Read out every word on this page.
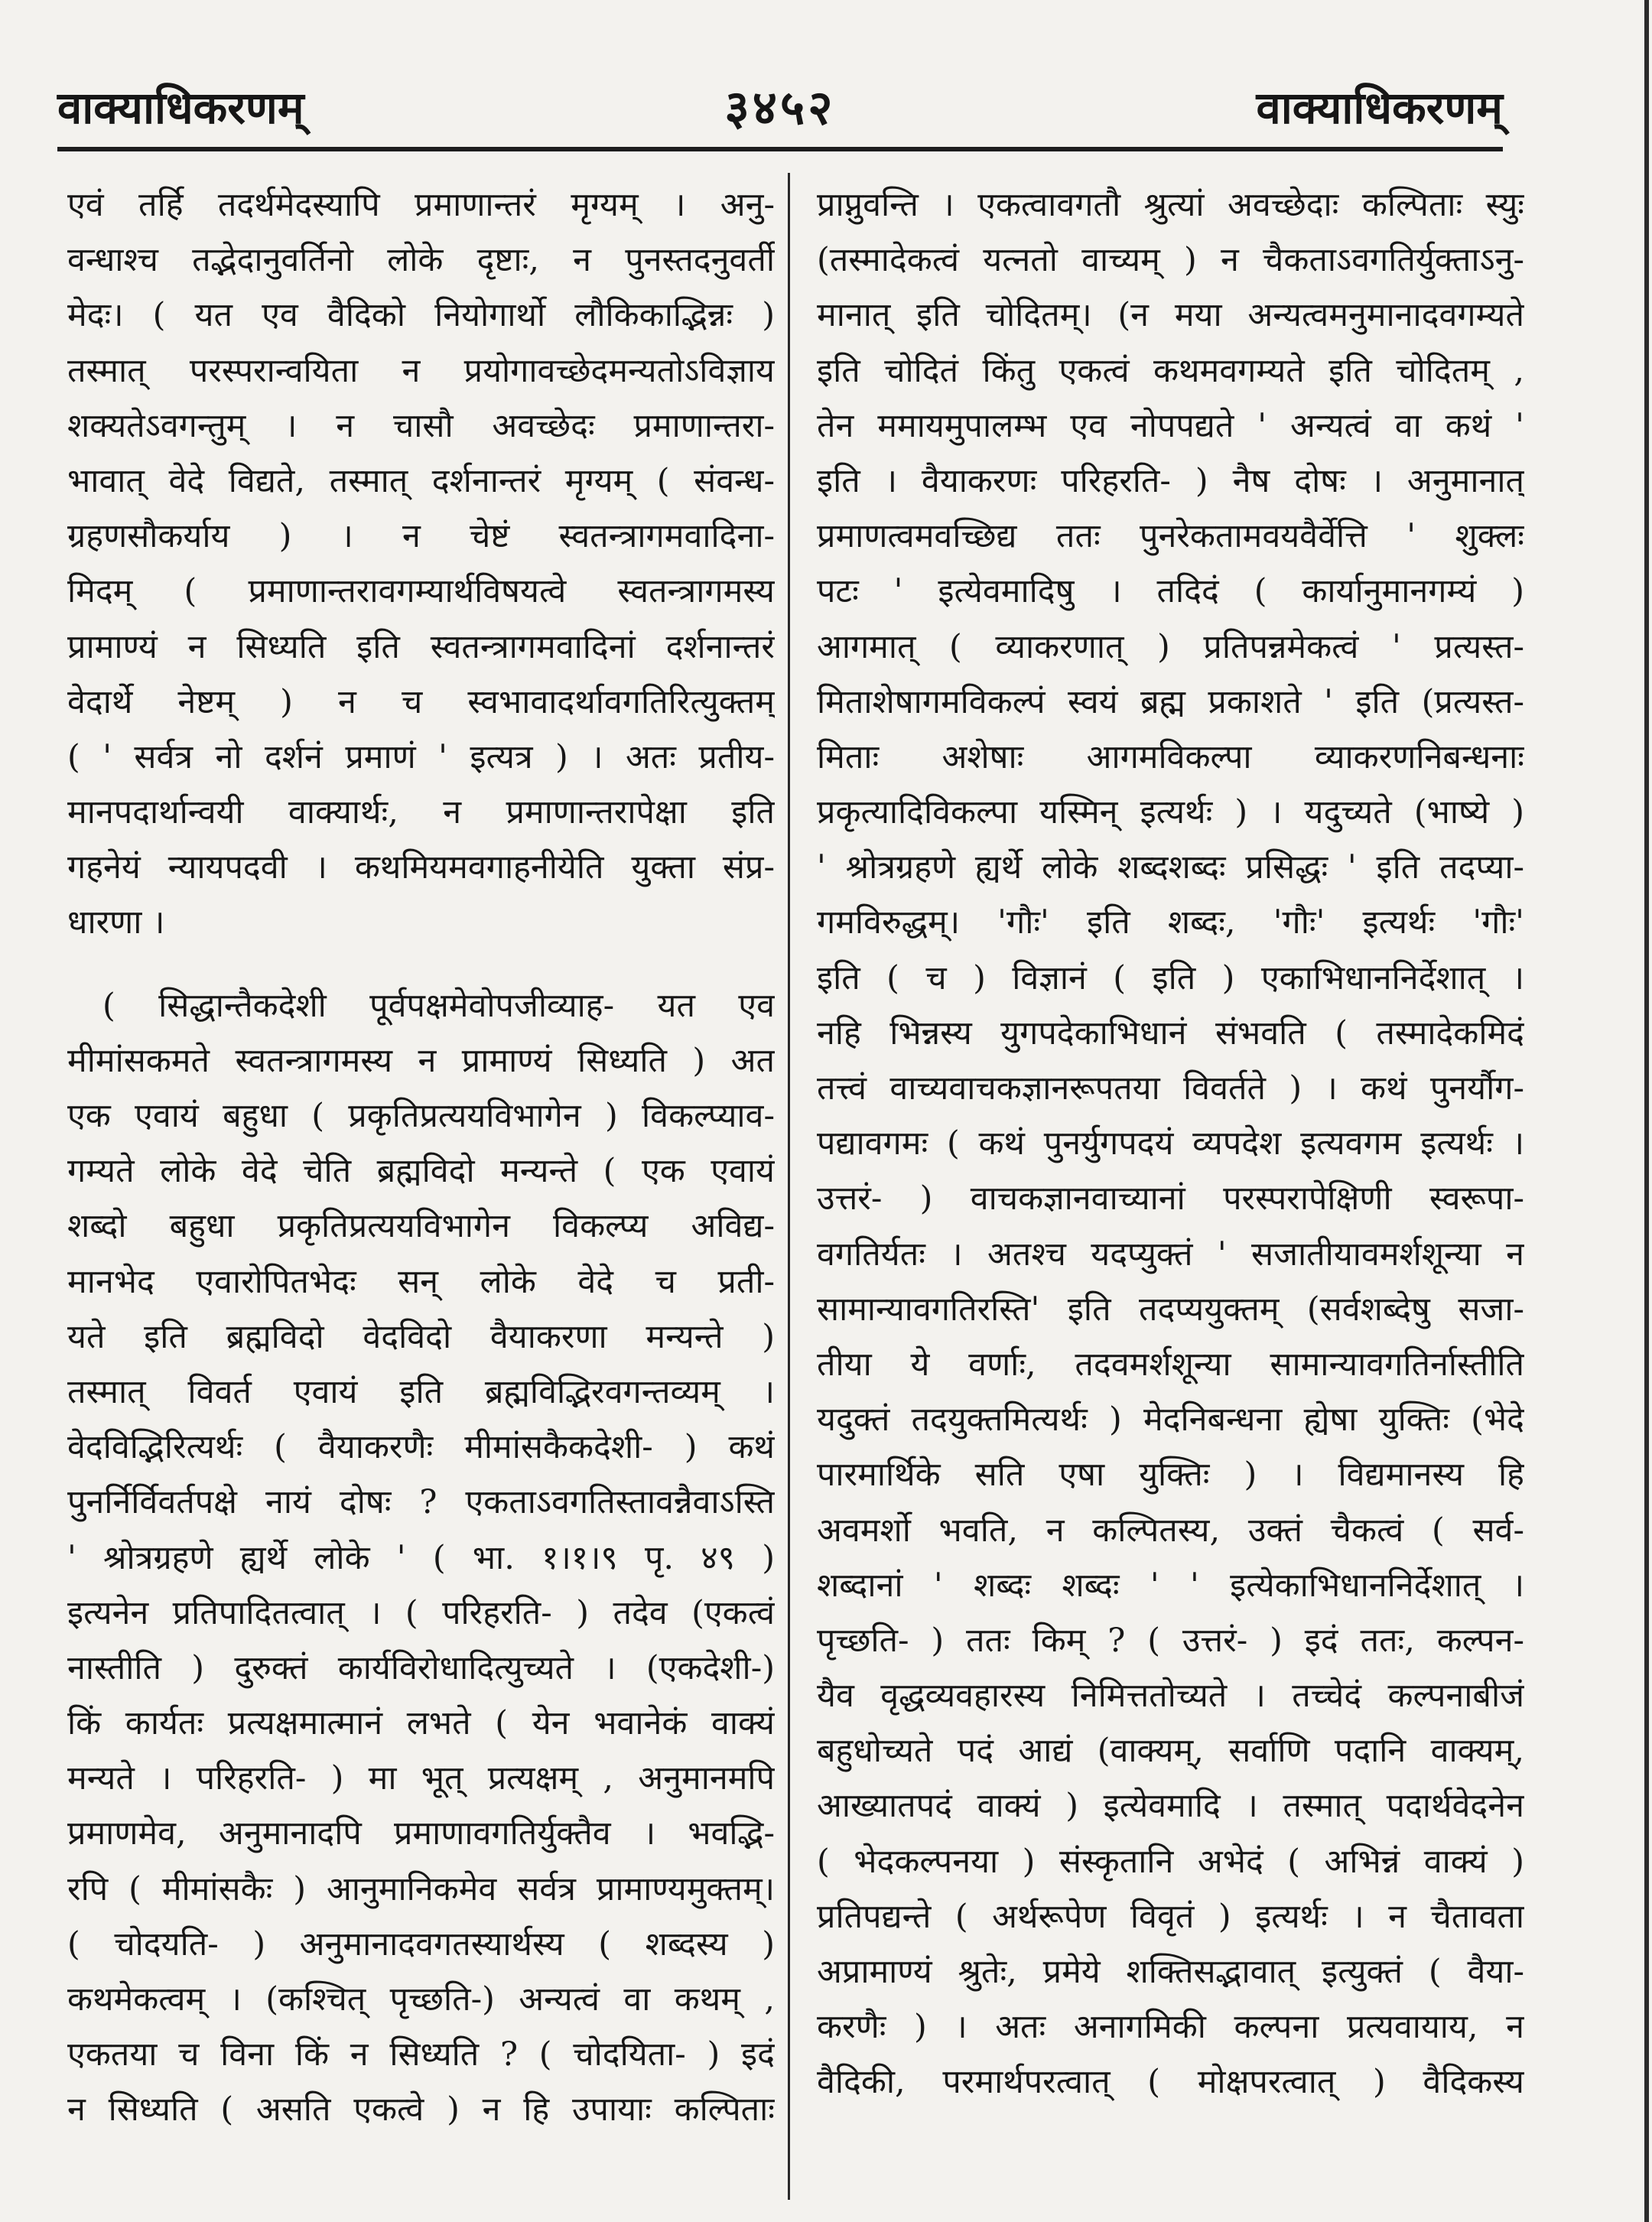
वाक्याधिकरणम्	३४५२	वाक्याधिकरणम्
एवं तर्हि तदर्थमेदस्यापि प्रमाणान्तरं मृग्यम् । अनु-
वन्धाश्च तद्भेदानुवर्तिनो लोके दृष्टाः, न पुनस्तदनुवर्ती
मेदः। ( यत एव वैदिको नियोगार्थो लौकिकाद्भिन्नः )
तस्मात् परस्परान्वयिता न प्रयोगावच्छेदमन्यतोऽविज्ञाय
शक्यतेऽवगन्तुम् । न चासौ अवच्छेदः प्रमाणान्तरा-
भावात् वेदे विद्यते, तस्मात् दर्शनान्तरं मृग्यम् ( संवन्ध-
ग्रहणसौकर्याय ) । न चेष्टं स्वतन्त्रागमवादिना-
मिदम् ( प्रमाणान्तरावगम्यार्थविषयत्वे स्वतन्त्रागमस्य
प्रामाण्यं न सिध्यति इति स्वतन्त्रागमवादिनां दर्शनान्तरं
वेदार्थे नेष्टम् ) न च स्वभावादर्थावगतिरित्युक्तम्
( ' सर्वत्र नो दर्शनं प्रमाणं ' इत्यत्र ) । अतः प्रतीय-
मानपदार्थान्वयी वाक्यार्थः, न प्रमाणान्तरापेक्षा इति
गहनेयं न्यायपदवी । कथमियमवगाहनीयेति युक्ता संप्र-
धारणा ।
( सिद्धान्तैकदेशी पूर्वपक्षमेवोपजीव्याह- यत एव
मीमांसकमते स्वतन्त्रागमस्य न प्रामाण्यं सिध्यति ) अत
एक एवायं बहुधा ( प्रकृतिप्रत्ययविभागेन ) विकल्प्याव-
गम्यते लोके वेदे चेति ब्रह्मविदो मन्यन्ते ( एक एवायं
शब्दो बहुधा प्रकृतिप्रत्ययविभागेन विकल्प्य अविद्य-
मानभेद एवारोपितभेदः सन् लोके वेदे च प्रती-
यते इति ब्रह्मविदो वेदविदो वैयाकरणा मन्यन्ते )
तस्मात् विवर्त एवायं इति ब्रह्मविद्भिरवगन्तव्यम् ।
वेदविद्भिरित्यर्थः ( वैयाकरणैः मीमांसकैकदेशी- ) कथं
पुनर्निर्विवर्तपक्षे नायं दोषः ? एकताऽवगतिस्तावन्नैवाऽस्ति
' श्रोत्रग्रहणे ह्यर्थे लोके ' ( भा. १।१।९ पृ. ४९ )
इत्यनेन प्रतिपादितत्वात् । ( परिहरति- ) तदेव (एकत्वं
नास्तीति ) दुरुक्तं कार्यविरोधादित्युच्यते । (एकदेशी-)
किं कार्यतः प्रत्यक्षमात्मानं लभते ( येन भवानेकं वाक्यं
मन्यते । परिहरति- ) मा भूत् प्रत्यक्षम् , अनुमानमपि
प्रमाणमेव, अनुमानादपि प्रमाणावगतिर्युक्तैव । भवद्भि-
रपि ( मीमांसकैः ) आनुमानिकमेव सर्वत्र प्रामाण्यमुक्तम्।
( चोदयति- ) अनुमानादवगतस्यार्थस्य ( शब्दस्य )
कथमेकत्वम् । (कश्चित् पृच्छति-) अन्यत्वं वा कथम् ,
एकतया च विना किं न सिध्यति ? ( चोदयिता- ) इदं
न सिध्यति ( असति एकत्वे ) न हि उपायाः कल्पिताः
प्राप्नुवन्ति । एकत्वावगतौ श्रुत्यां अवच्छेदाः कल्पिताः स्युः
(तस्मादेकत्वं यत्नतो वाच्यम् ) न चैकताऽवगतिर्युक्ताऽनु-
मानात् इति चोदितम्। (न मया अन्यत्वमनुमानादवगम्यते
इति चोदितं किंतु एकत्वं कथमवगम्यते इति चोदितम् ,
तेन ममायमुपालम्भ एव नोपपद्यते ' अन्यत्वं वा कथं '
इति । वैयाकरणः परिहरति- ) नैष दोषः । अनुमानात्
प्रमाणत्वमवच्छिद्य ततः पुनरेकतामवयवैर्वेत्ति ' शुक्लः
पटः ' इत्येवमादिषु । तदिदं ( कार्यानुमानगम्यं )
आगमात् ( व्याकरणात् ) प्रतिपन्नमेकत्वं ' प्रत्यस्त-
मिताशेषागमविकल्पं स्वयं ब्रह्म प्रकाशते ' इति (प्रत्यस्त-
मिताः अशेषाः आगमविकल्पा व्याकरणनिबन्धनाः
प्रकृत्यादिविकल्पा यस्मिन् इत्यर्थः ) । यदुच्यते (भाष्ये )
' श्रोत्रग्रहणे ह्यर्थे लोके शब्दशब्दः प्रसिद्धः ' इति तदप्या-
गमविरुद्धम्। 'गौः' इति शब्दः, 'गौः' इत्यर्थः 'गौः'
इति ( च ) विज्ञानं ( इति ) एकाभिधाननिर्देशात् ।
नहि भिन्नस्य युगपदेकाभिधानं संभवति ( तस्मादेकमिदं
तत्त्वं वाच्यवाचकज्ञानरूपतया विवर्तते ) । कथं पुनर्यौग-
पद्यावगमः ( कथं पुनर्युगपदयं व्यपदेश इत्यवगम इत्यर्थः ।
उत्तरं- ) वाचकज्ञानवाच्यानां परस्परापेक्षिणी स्वरूपा-
वगतिर्यतः । अतश्च यदप्युक्तं ' सजातीयावमर्शशून्या न
सामान्यावगतिरस्ति' इति तदप्ययुक्तम् (सर्वशब्देषु सजा-
तीया ये वर्णाः, तदवमर्शशून्या सामान्यावगतिर्नास्तीति
यदुक्तं तदयुक्तमित्यर्थः ) मेदनिबन्धना ह्येषा युक्तिः (भेदे
पारमार्थिके सति एषा युक्तिः ) । विद्यमानस्य हि
अवमर्शो भवति, न कल्पितस्य, उक्तं चैकत्वं ( सर्व-
शब्दानां ' शब्दः शब्दः ' ' इत्येकाभिधाननिर्देशात् ।
पृच्छति- ) ततः किम् ? ( उत्तरं- ) इदं ततः, कल्पन-
यैव वृद्धव्यवहारस्य निमित्ततोच्यते । तच्चेदं कल्पनाबीजं
बहुधोच्यते पदं आद्यं (वाक्यम्, सर्वाणि पदानि वाक्यम्,
आख्यातपदं वाक्यं ) इत्येवमादि । तस्मात् पदार्थवेदनेन
( भेदकल्पनया ) संस्कृतानि अभेदं ( अभिन्नं वाक्यं )
प्रतिपद्यन्ते ( अर्थरूपेण विवृतं ) इत्यर्थः । न चैतावता
अप्रामाण्यं श्रुतेः, प्रमेये शक्तिसद्भावात् इत्युक्तं ( वैया-
करणैः ) । अतः अनागमिकी कल्पना प्रत्यवायाय, न
वैदिकी, परमार्थपरत्वात् ( मोक्षपरत्वात् ) वैदिकस्य
